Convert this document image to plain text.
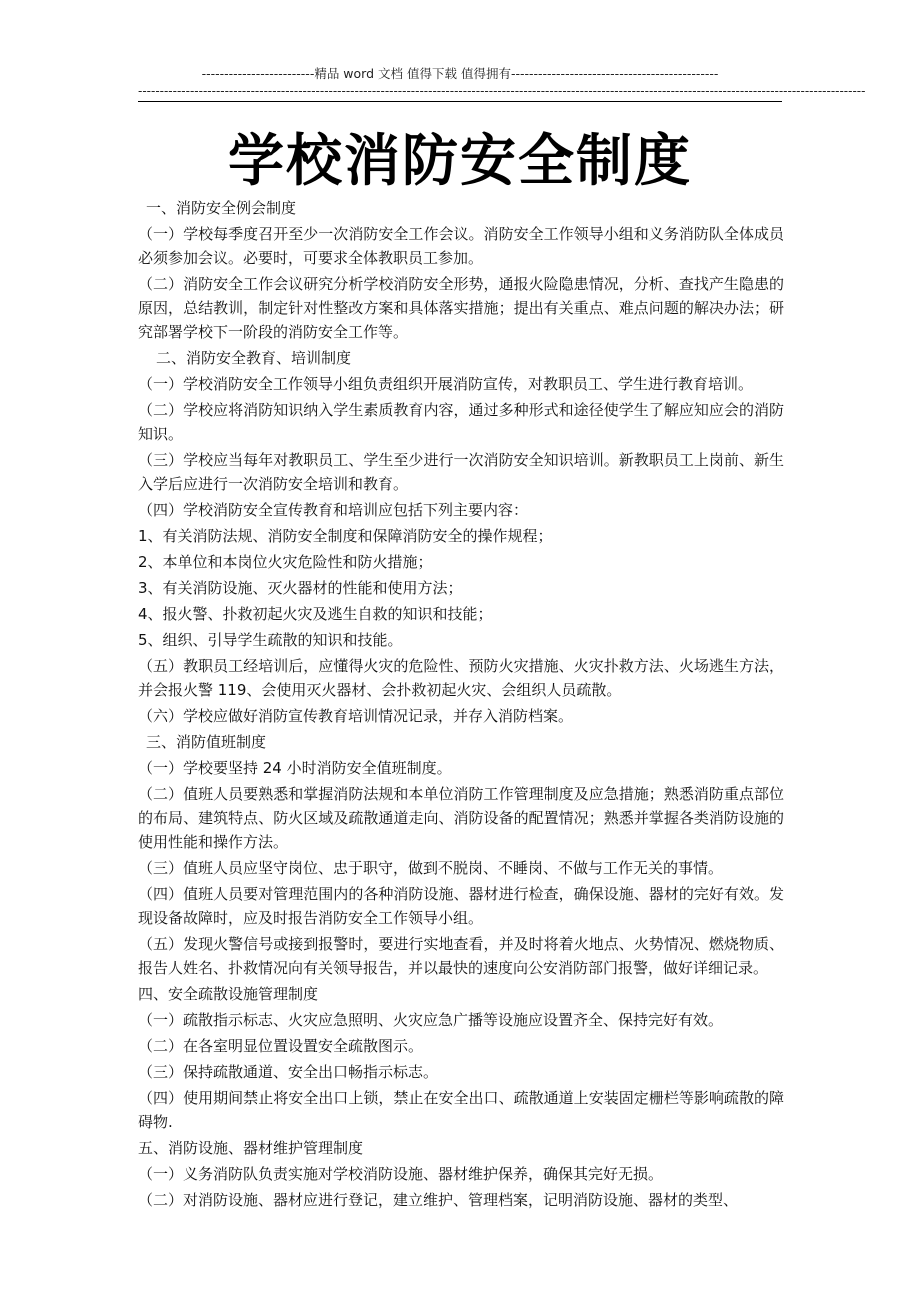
-------------------------精品 word 文档 值得下载 值得拥有----------------------------------------------
------------------------------------------------------------------------------------------------------------------------------------------------------------------------
学校消防安全制度

一、消防安全例会制度

（一）学校每季度召开至少一次消防安全工作会议。消防安全工作领导小组和义务消防队全体成员必须参加会议。必要时，可要求全体教职员工参加。

（二）消防安全工作会议研究分析学校消防安全形势，通报火险隐患情况，分析、查找产生隐患的原因，总结教训，制定针对性整改方案和具体落实措施；提出有关重点、难点问题的解决办法；研究部署学校下一阶段的消防安全工作等。

二、消防安全教育、培训制度

（一）学校消防安全工作领导小组负责组织开展消防宣传，对教职员工、学生进行教育培训。

（二）学校应将消防知识纳入学生素质教育内容，通过多种形式和途径使学生了解应知应会的消防知识。

（三）学校应当每年对教职员工、学生至少进行一次消防安全知识培训。新教职员工上岗前、新生入学后应进行一次消防安全培训和教育。

（四）学校消防安全宣传教育和培训应包括下列主要内容：

1、有关消防法规、消防安全制度和保障消防安全的操作规程；

2、本单位和本岗位火灾危险性和防火措施；

3、有关消防设施、灭火器材的性能和使用方法；

4、报火警、扑救初起火灾及逃生自救的知识和技能；

5、组织、引导学生疏散的知识和技能。

（五）教职员工经培训后，应懂得火灾的危险性、预防火灾措施、火灾扑救方法、火场逃生方法，并会报火警 119、会使用灭火器材、会扑救初起火灾、会组织人员疏散。

（六）学校应做好消防宣传教育培训情况记录，并存入消防档案。

三、消防值班制度

（一）学校要坚持 24 小时消防安全值班制度。

（二）值班人员要熟悉和掌握消防法规和本单位消防工作管理制度及应急措施；熟悉消防重点部位的布局、建筑特点、防火区域及疏散通道走向、消防设备的配置情况；熟悉并掌握各类消防设施的使用性能和操作方法。

（三）值班人员应坚守岗位、忠于职守，做到不脱岗、不睡岗、不做与工作无关的事情。

（四）值班人员要对管理范围内的各种消防设施、器材进行检查，确保设施、器材的完好有效。发现设备故障时，应及时报告消防安全工作领导小组。

（五）发现火警信号或接到报警时，要进行实地查看，并及时将着火地点、火势情况、燃烧物质、报告人姓名、扑救情况向有关领导报告，并以最快的速度向公安消防部门报警，做好详细记录。

四、安全疏散设施管理制度

（一）疏散指示标志、火灾应急照明、火灾应急广播等设施应设置齐全、保持完好有效。

（二）在各室明显位置设置安全疏散图示。

（三）保持疏散通道、安全出口畅指示标志。

（四）使用期间禁止将安全出口上锁，禁止在安全出口、疏散通道上安装固定栅栏等影响疏散的障碍物.

五、消防设施、器材维护管理制度

（一）义务消防队负责实施对学校消防设施、器材维护保养，确保其完好无损。

（二）对消防设施、器材应进行登记，建立维护、管理档案，记明消防设施、器材的类型、
